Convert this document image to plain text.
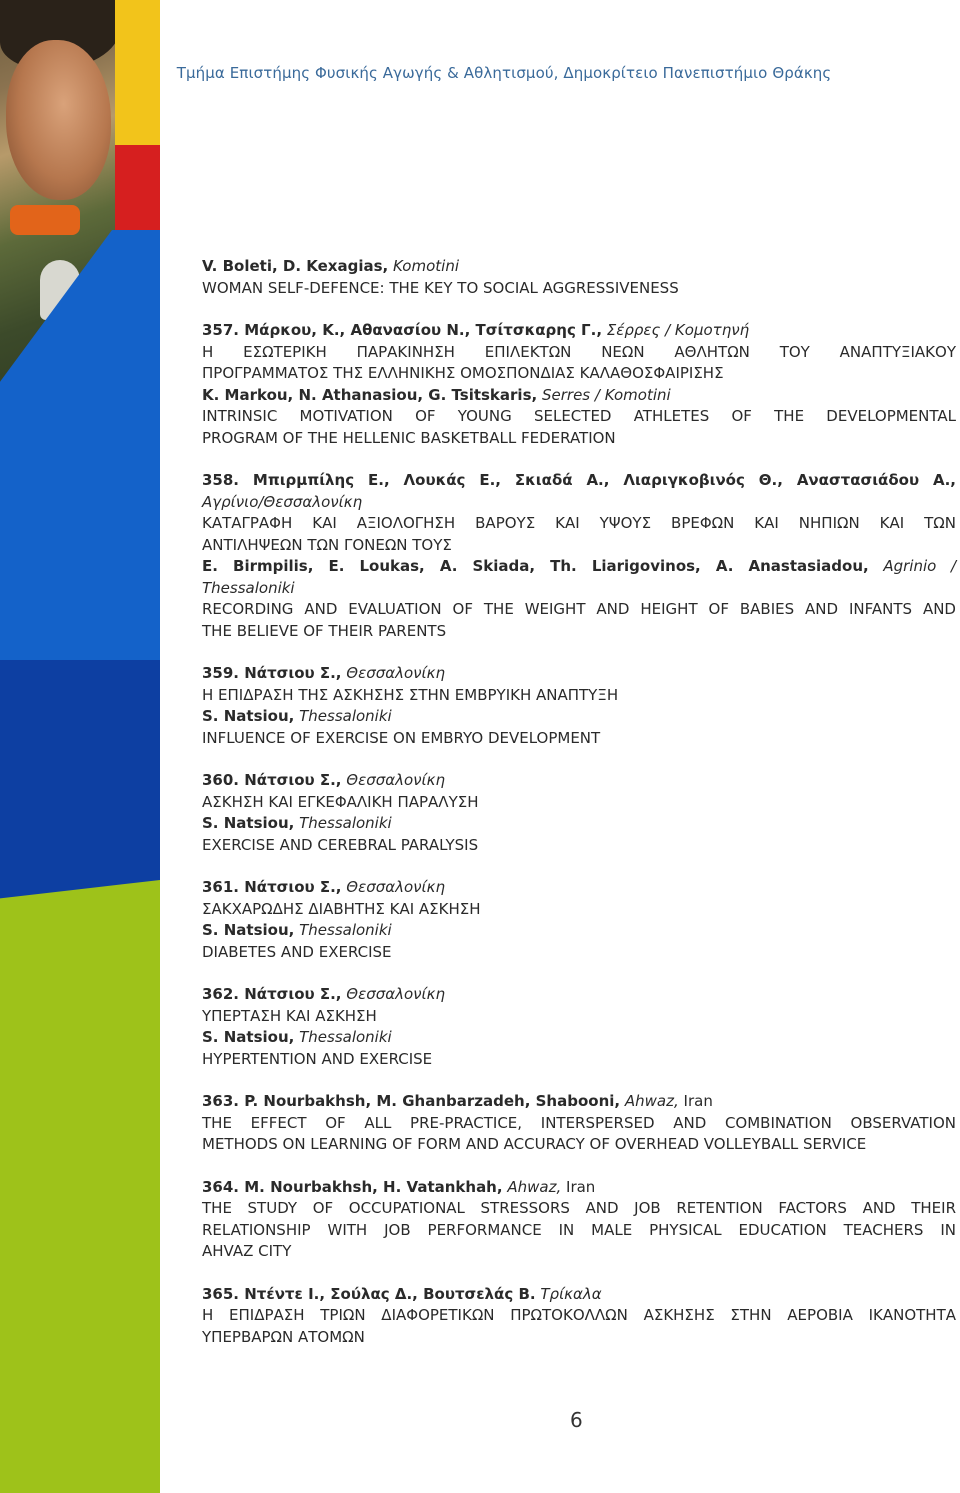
Τμήμα Επιστήμης Φυσικής Αγωγής & Αθλητισμού, Δημοκρίτειο Πανεπιστήμιο Θράκης
V. Boleti, D. Kexagias, Komotini
WOMAN SELF-DEFENCE: THE KEY TO SOCIAL AGGRESSIVENESS
357. Μάρκου, Κ., Αθανασίου Ν., Τσίτσκαρης Γ., Σέρρες / Κομοτηνή
Η ΕΣΩΤΕΡΙΚΗ ΠΑΡΑΚΙΝΗΣΗ ΕΠΙΛΕΚΤΩΝ ΝΕΩΝ ΑΘΛΗΤΩΝ ΤΟΥ ΑΝΑΠΤΥΞΙΑΚΟΥ
ΠΡΟΓΡΑΜΜΑΤΟΣ ΤΗΣ ΕΛΛΗΝΙΚΗΣ ΟΜΟΣΠΟΝΔΙΑΣ ΚΑΛΑΘΟΣΦΑΙΡΙΣΗΣ
K. Markou, N. Athanasiou, G. Tsitskaris, Serres / Komotini
INTRINSIC MOTIVATION OF YOUNG SELECTED ATHLETES OF THE DEVELOPMENTAL
PROGRAM OF THE HELLENIC BASKETBALL FEDERATION
358. Μπιρμπίλης Ε., Λουκάς Ε., Σκιαδά Α., Λιαριγκοβινός Θ., Αναστασιάδου Α.,
Αγρίνιο/Θεσσαλονίκη
ΚΑΤΑΓΡΑΦΗ ΚΑΙ ΑΞΙΟΛΟΓΗΣΗ ΒΑΡΟΥΣ ΚΑΙ ΥΨΟΥΣ ΒΡΕΦΩΝ ΚΑΙ ΝΗΠΙΩΝ ΚΑΙ ΤΩΝ
ΑΝΤΙΛΗΨΕΩΝ ΤΩΝ ΓΟΝΕΩΝ ΤΟΥΣ
E. Birmpilis, E. Loukas, A. Skiada, Th. Liarigovinos, A. Anastasiadou, Agrinio /
Thessaloniki
RECORDING AND EVALUATION OF THE WEIGHT AND HEIGHT OF BABIES AND INFANTS AND
THE BELIEVE OF THEIR PARENTS
359. Νάτσιου Σ., Θεσσαλονίκη
Η ΕΠΙΔΡΑΣΗ ΤΗΣ ΑΣΚΗΣΗΣ ΣΤΗΝ ΕΜΒΡΥΙΚΗ ΑΝΑΠΤΥΞΗ
S. Natsiou, Thessaloniki
INFLUENCE OF EXERCISE ON EMBRYO DEVELOPMENT
360. Νάτσιου Σ., Θεσσαλονίκη
ΑΣΚΗΣΗ ΚΑΙ ΕΓΚΕΦΑΛΙΚΗ ΠΑΡΑΛΥΣΗ
S. Natsiou, Thessaloniki
EXERCISE AND CEREBRAL PARALYSIS
361. Νάτσιου Σ., Θεσσαλονίκη
ΣΑΚΧΑΡΩΔΗΣ ΔΙΑΒΗΤΗΣ ΚΑΙ ΑΣΚΗΣΗ
S. Natsiou, Thessaloniki
DIABETES AND EXERCISE
362. Νάτσιου Σ., Θεσσαλονίκη
ΥΠΕΡΤΑΣΗ ΚΑΙ ΑΣΚΗΣΗ
S. Natsiou, Thessaloniki
HYPERTENTION AND EXERCISE
363. P. Nourbakhsh, M. Ghanbarzadeh, Shabooni, Ahwaz, Iran
THE EFFECT OF ALL PRE-PRACTICE, INTERSPERSED AND COMBINATION OBSERVATION
METHODS ON LEARNING OF FORM AND ACCURACY OF OVERHEAD VOLLEYBALL SERVICE
364. M. Nourbakhsh, H. Vatankhah, Ahwaz, Iran
THE STUDY OF OCCUPATIONAL STRESSORS AND JOB RETENTION FACTORS AND THEIR
RELATIONSHIP WITH JOB PERFORMANCE IN MALE PHYSICAL EDUCATION TEACHERS IN
AHVAZ CITY
365. Ντέντε Ι., Σούλας Δ., Βουτσελάς Β. Τρίκαλα
Η ΕΠΙΔΡΑΣΗ ΤΡΙΩΝ ΔΙΑΦΟΡΕΤΙΚΩΝ ΠΡΩΤΟΚΟΛΛΩΝ ΑΣΚΗΣΗΣ ΣΤΗΝ ΑΕΡΟΒΙΑ ΙΚΑΝΟΤΗΤΑ
ΥΠΕΡΒΑΡΩΝ ΑΤΟΜΩΝ
6
